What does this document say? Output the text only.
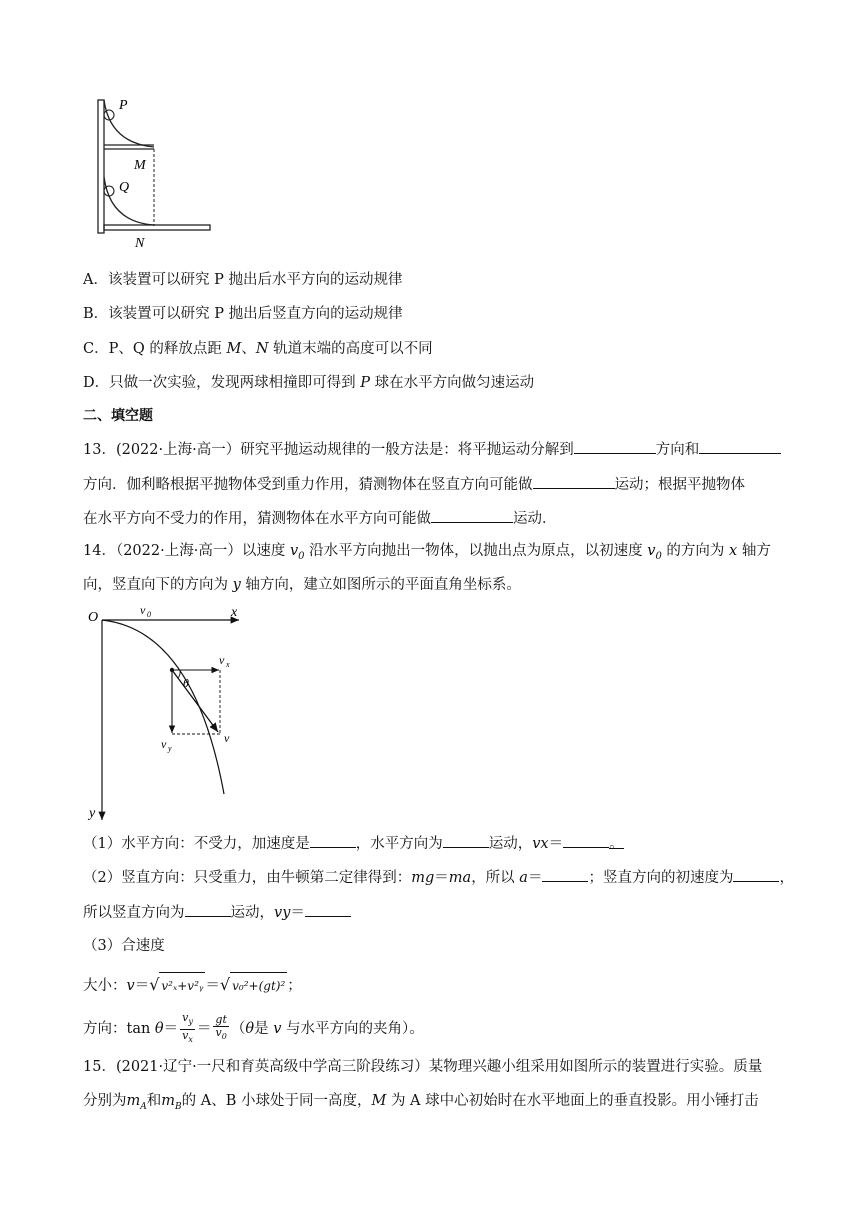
P
M
Q
N
A．该装置可以研究 P 抛出后水平方向的运动规律
B．该装置可以研究 P 抛出后竖直方向的运动规律
C．P、Q 的释放点距 M、N 轨道末端的高度可以不同
D．只做一次实验，发现两球相撞即可得到 P 球在水平方向做匀速运动
二、填空题
13．(2022·上海·高一）研究平抛运动规律的一般方法是：将平抛运动分解到	方向和
方向．伽利略根据平抛物体受到重力作用，猜测物体在竖直方向可能做	运动；根据平抛物体
在水平方向不受力的作用，猜测物体在水平方向可能做	运动．
14．（2022·上海·高一）以速度 $v_0$ 沿水平方向抛出一物体，以抛出点为原点，以初速度 $v_0$ 的方向为 x 轴方
向，竖直向下的方向为 y 轴方向，建立如图所示的平面直角坐标系。
O	v 0	x
v x
θ
v y
v
y
（1）水平方向：不受力，加速度是	，水平方向为	运动，vx＝	。
（2）竖直方向：只受重力，由牛顿第二定律得到：mg＝ma，所以 a＝	；竖直方向的初速度为	，
所以竖直方向为	运动，vy＝
（3）合速度
大小：v＝√ v²ₓ+v²ᵧ ＝√ v₀²+(gt)² ；
方向：$\tan \theta= \frac{v_y}{v_x} = \frac{gt}{v_0} (\theta$是 v 与水平方向的夹角）。
15．(2021·辽宁·一尺和育英高级中学高三阶段练习）某物理兴趣小组采用如图所示的装置进行实验。质量
分别为$m_A$和$m_B$的 A、B 小球处于同一高度，M 为 A 球中心初始时在水平地面上的垂直投影。用小锤打击
